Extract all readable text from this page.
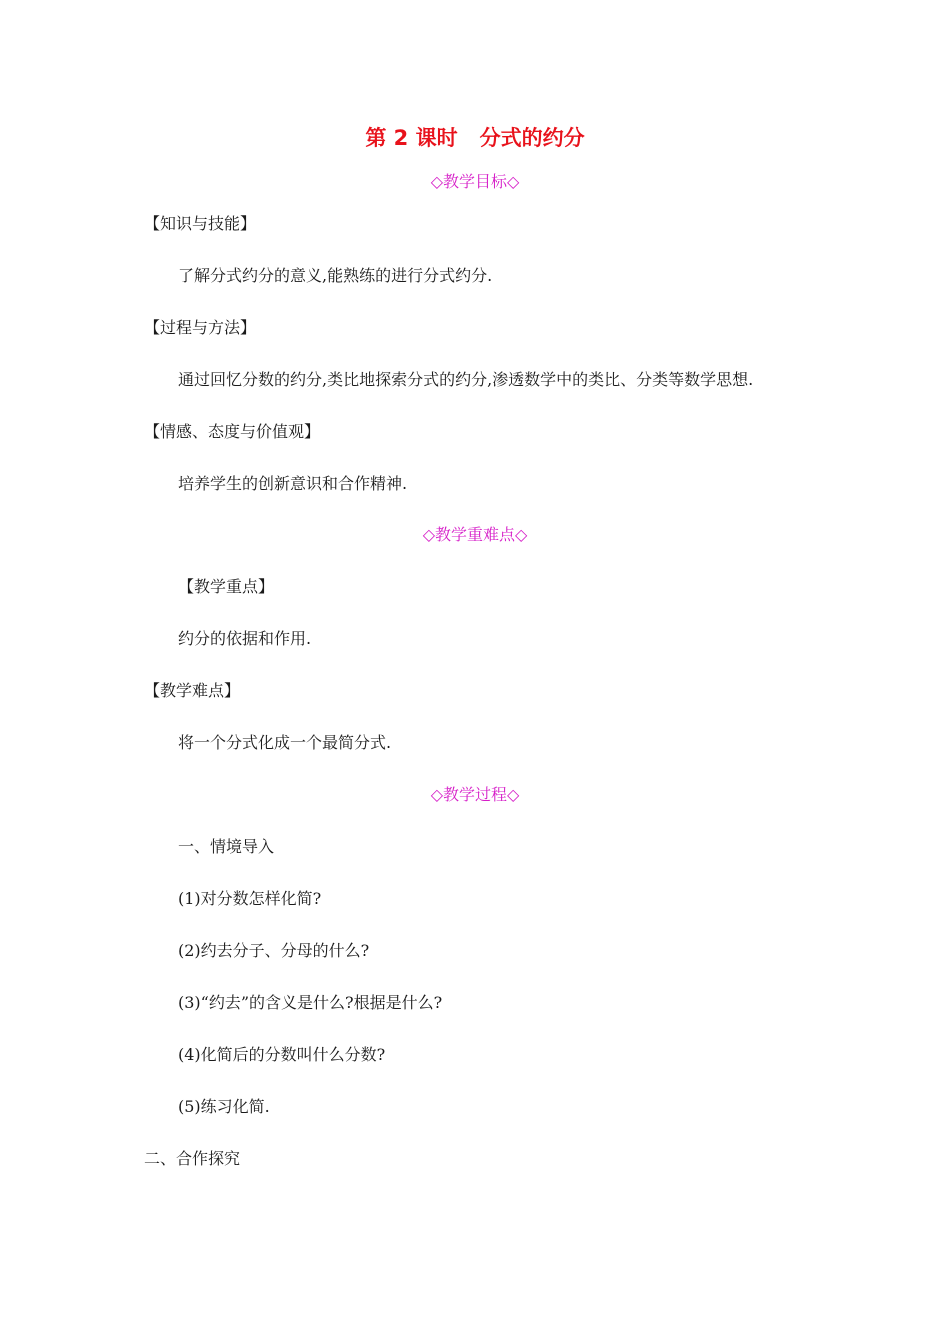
第 2 课时 分式的约分
◇教学目标◇
【知识与技能】
了解分式约分的意义,能熟练的进行分式约分.
【过程与方法】
通过回忆分数的约分,类比地探索分式的约分,渗透数学中的类比、分类等数学思想.
【情感、态度与价值观】
培养学生的创新意识和合作精神.
◇教学重难点◇
【教学重点】
约分的依据和作用.
【教学难点】
将一个分式化成一个最简分式.
◇教学过程◇
一、情境导入
(1)对分数怎样化简?
(2)约去分子、分母的什么?
(3)“约去”的含义是什么?根据是什么?
(4)化简后的分数叫什么分数?
(5)练习化简.
二、合作探究
